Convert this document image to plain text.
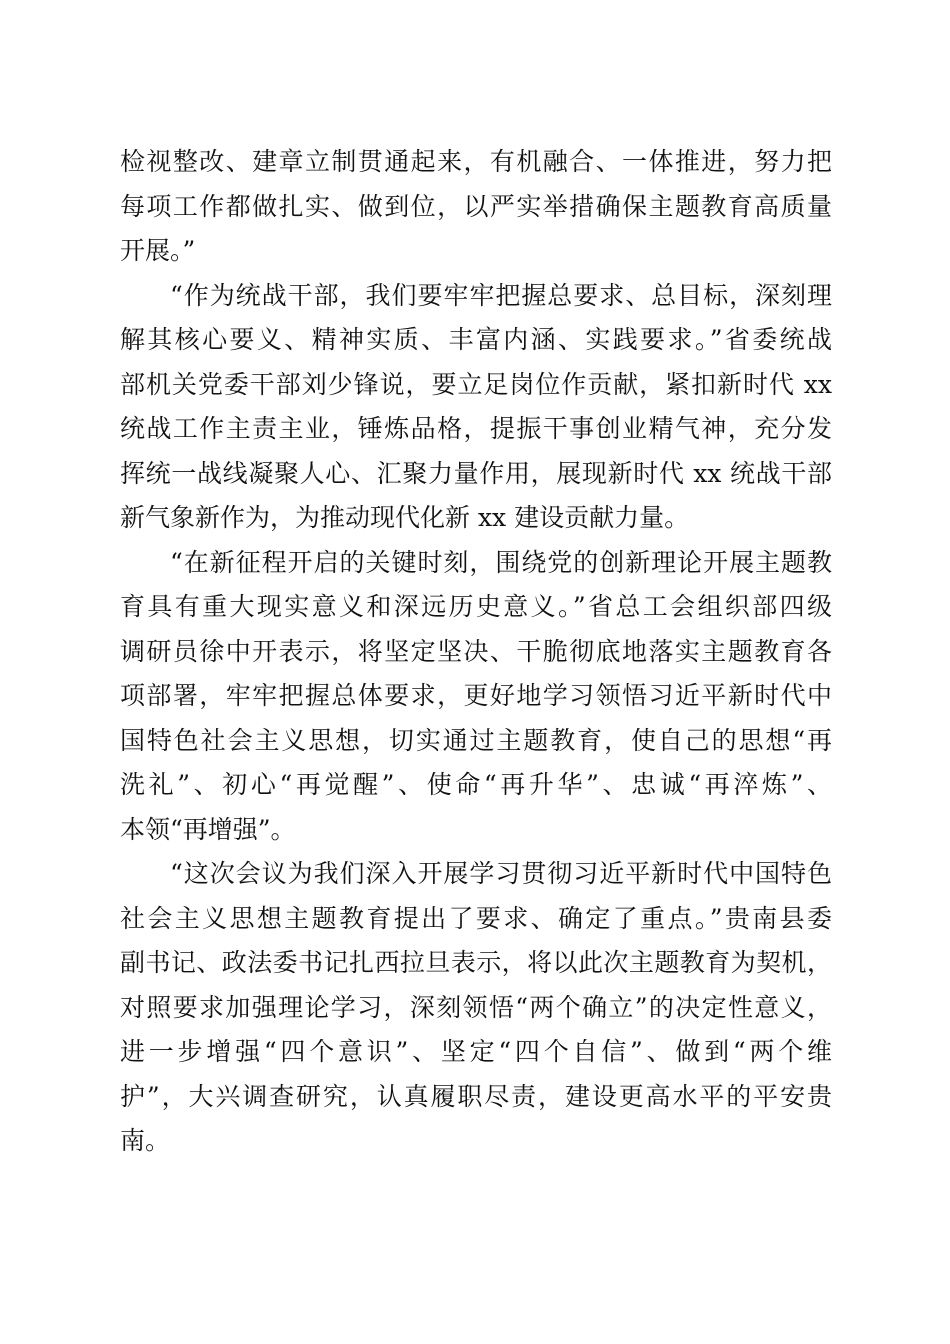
检视整改、建章立制贯通起来，有机融合、一体推进，努力把
每项工作都做扎实、做到位，以严实举措确保主题教育高质量
开展。”
“作为统战干部，我们要牢牢把握总要求、总目标，深刻理
解其核心要义、精神实质、丰富内涵、实践要求。”省委统战
部机关党委干部刘少锋说，要立足岗位作贡献，紧扣新时代 xx
统战工作主责主业，锤炼品格，提振干事创业精气神，充分发
挥统一战线凝聚人心、汇聚力量作用，展现新时代 xx 统战干部
新气象新作为，为推动现代化新 xx 建设贡献力量。
“在新征程开启的关键时刻，围绕党的创新理论开展主题教
育具有重大现实意义和深远历史意义。”省总工会组织部四级
调研员徐中开表示，将坚定坚决、干脆彻底地落实主题教育各
项部署，牢牢把握总体要求，更好地学习领悟习近平新时代中
国特色社会主义思想，切实通过主题教育，使自己的思想“再
洗礼”、初心“再觉醒”、使命“再升华”、忠诚“再淬炼”、
本领“再增强”。
“这次会议为我们深入开展学习贯彻习近平新时代中国特色
社会主义思想主题教育提出了要求、确定了重点。”贵南县委
副书记、政法委书记扎西拉旦表示，将以此次主题教育为契机，
对照要求加强理论学习，深刻领悟“两个确立”的决定性意义，
进一步增强“四个意识”、坚定“四个自信”、做到“两个维
护”，大兴调查研究，认真履职尽责，建设更高水平的平安贵
南。
